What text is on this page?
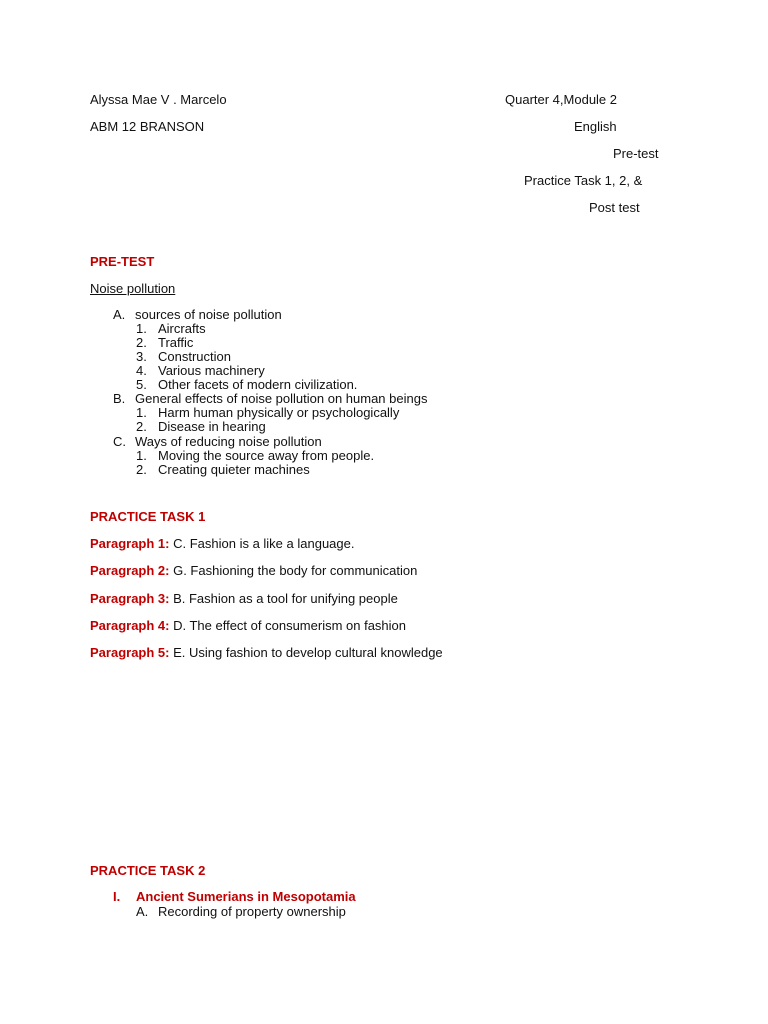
Alyssa Mae V . Marcelo
ABM 12 BRANSON
Quarter 4,Module 2
English
Pre-test
Practice Task 1, 2, &
Post test
PRE-TEST
Noise pollution
A. sources of noise pollution
1. Aircrafts
2. Traffic
3. Construction
4. Various machinery
5. Other facets of modern civilization.
B. General effects of noise pollution on human beings
1. Harm human physically or psychologically
2. Disease in hearing
C. Ways of reducing noise pollution
1. Moving the source away from people.
2. Creating quieter machines
PRACTICE TASK 1
Paragraph 1: C. Fashion is a like a language.
Paragraph 2: G. Fashioning the body for communication
Paragraph 3: B. Fashion as a tool for unifying people
Paragraph 4: D. The effect of consumerism on fashion
Paragraph 5: E. Using fashion to develop cultural knowledge
PRACTICE TASK 2
I. Ancient Sumerians in Mesopotamia
A. Recording of property ownership
